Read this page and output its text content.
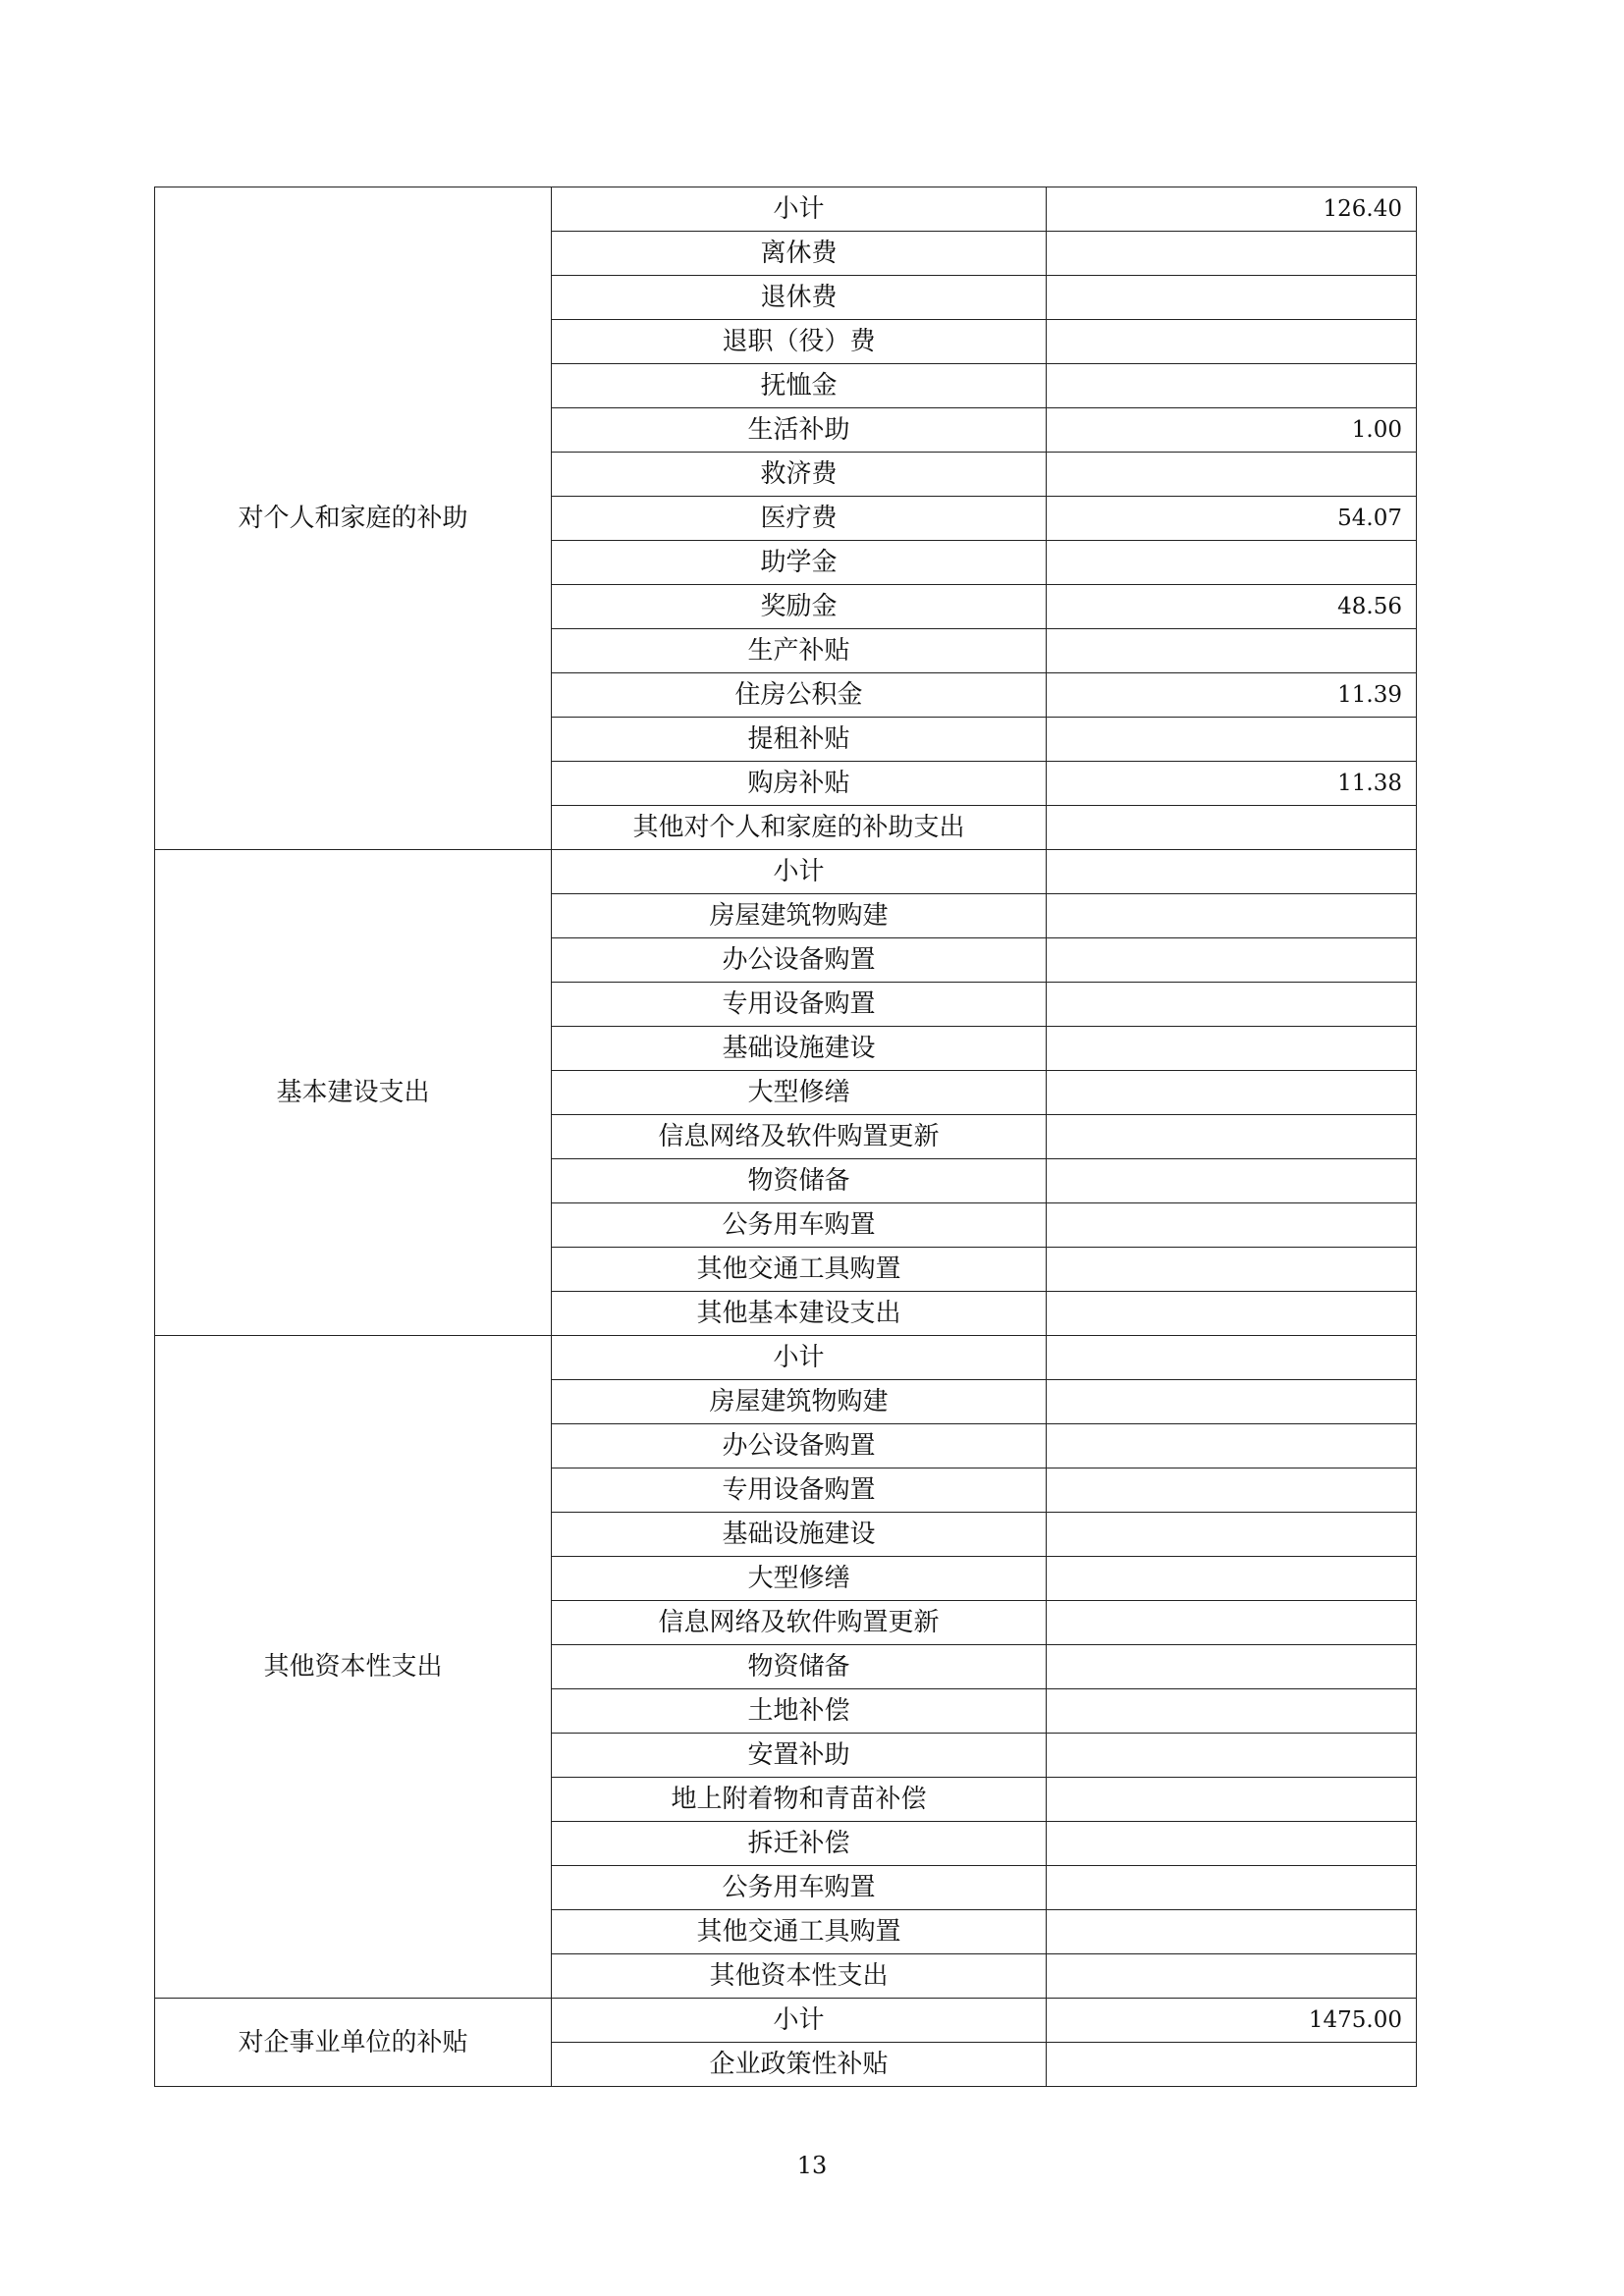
对个人和家庭的补助	小计	126.40
	离休费	
	退休费	
	退职（役）费	
	抚恤金	
	生活补助	1.00
	救济费	
	医疗费	54.07
	助学金	
	奖励金	48.56
	生产补贴	
	住房公积金	11.39
	提租补贴	
	购房补贴	11.38
	其他对个人和家庭的补助支出	
基本建设支出	小计	
	房屋建筑物购建	
	办公设备购置	
	专用设备购置	
	基础设施建设	
	大型修缮	
	信息网络及软件购置更新	
	物资储备	
	公务用车购置	
	其他交通工具购置	
	其他基本建设支出	
其他资本性支出	小计	
	房屋建筑物购建	
	办公设备购置	
	专用设备购置	
	基础设施建设	
	大型修缮	
	信息网络及软件购置更新	
	物资储备	
	土地补偿	
	安置补助	
	地上附着物和青苗补偿	
	拆迁补偿	
	公务用车购置	
	其他交通工具购置	
	其他资本性支出	
对企事业单位的补贴	小计	1475.00
	企业政策性补贴	
13
